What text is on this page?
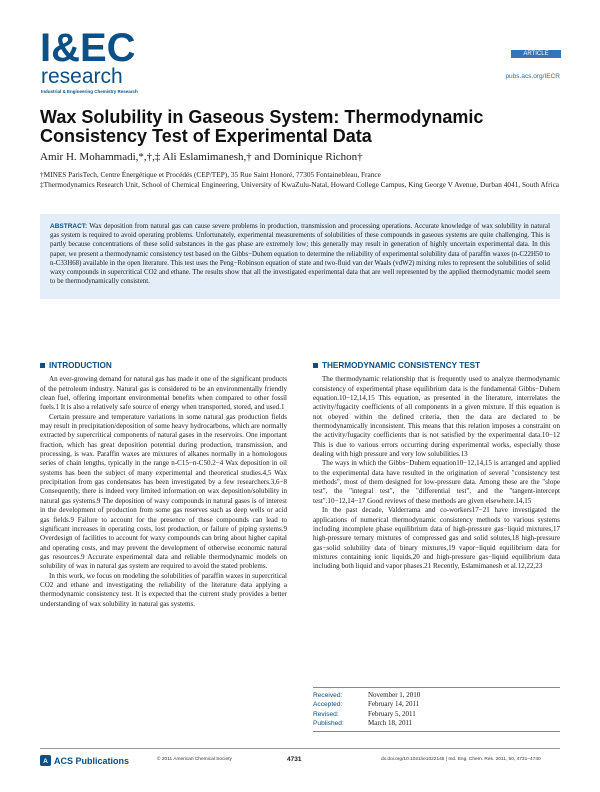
I&EC
research
Industrial & Engineering Chemistry Research
ARTICLE
pubs.acs.org/IECR
Wax Solubility in Gaseous System: Thermodynamic Consistency Test of Experimental Data
Amir H. Mohammadi,*,†,‡ Ali Eslamimanesh,† and Dominique Richon†
†MINES ParisTech, Centre Énergétique et Procédés (CEP/TEP), 35 Rue Saint Honoré, 77305 Fontainebleau, France
‡Thermodynamics Research Unit, School of Chemical Engineering, University of KwaZulu-Natal, Howard College Campus, King George V Avenue, Durban 4041, South Africa
ABSTRACT: Wax deposition from natural gas can cause severe problems in production, transmission and processing operations. Accurate knowledge of wax solubility in natural gas system is required to avoid operating problems. Unfortunately, experimental measurements of solubilities of these compounds in gaseous systems are quite challenging. This is partly because concentrations of these solid substances in the gas phase are extremely low; this generally may result in generation of highly uncertain experimental data. In this paper, we present a thermodynamic consistency test based on the Gibbs−Duhem equation to determine the reliability of experimental solubility data of paraffin waxes (n-C22H50 to n-C33H68) available in the open literature. This test uses the Peng−Robinson equation of state and two-fluid van der Waals (vdW2) mixing rules to represent the solubilities of solid waxy compounds in supercritical CO2 and ethane. The results show that all the investigated experimental data that are well represented by the applied thermodynamic model seem to be thermodynamically consistent.
INTRODUCTION

An ever-growing demand for natural gas has made it one of the significant products of the petroleum industry. Natural gas is considered to be an environmentally friendly clean fuel, offering important environmental benefits when compared to other fossil fuels.1 It is also a relatively safe source of energy when transported, stored, and used.1

Certain pressure and temperature variations in some natural gas production fields may result in precipitation/deposition of some heavy hydrocarbons, which are normally extracted by supercritical components of natural gases in the reservoirs. One important fraction, which has great deposition potential during production, transmission, and processing, is wax. Paraffin waxes are mixtures of alkanes normally in a homologous series of chain lengths, typically in the range n-C15−n-C50.2−4 Wax deposition in oil systems has been the subject of many experimental and theoretical studies.4,5 Wax precipitation from gas condensates has been investigated by a few researchers.3,6−8 Consequently, there is indeed very limited information on wax deposition/solubility in natural gas systems.9 The deposition of waxy compounds in natural gases is of interest in the development of production from some gas reserves such as deep wells or acid gas fields.9 Failure to account for the presence of these compounds can lead to significant increases in operating costs, lost production, or failure of piping systems.9 Overdesign of facilities to account for waxy compounds can bring about higher capital and operating costs, and may prevent the development of otherwise economic natural gas resources.9 Accurate experimental data and reliable thermodynamic models on solubility of wax in natural gas system are required to avoid the stated problems.

In this work, we focus on modeling the solubilities of paraffin waxes in supercritical CO2 and ethane and investigating the reliability of the literature data applying a thermodynamic consistency test. It is expected that the current study provides a better understanding of wax solubility in natural gas systems.

THERMODYNAMIC CONSISTENCY TEST

The thermodynamic relationship that is frequently used to analyze thermodynamic consistency of experimental phase equilibrium data is the fundamental Gibbs−Duhem equation.10−12,14,15 This equation, as presented in the literature, interrelates the activity/fugacity coefficients of all components in a given mixture. If this equation is not obeyed within the defined criteria, then the data are declared to be thermodynamically inconsistent. This means that this relation imposes a constraint on the activity/fugacity coefficients that is not satisfied by the experimental data.10−12 This is due to various errors occurring during experimental works, especially those dealing with high pressure and very low solubilities.13

The ways in which the Gibbs−Duhem equation10−12,14,15 is arranged and applied to the experimental data have resulted in the origination of several "consistency test methods", most of them designed for low-pressure data. Among these are the "slope test", the "integral test", the "differential test", and the "tangent-intercept test".10−12,14−17 Good reviews of these methods are given elsewhere.14,15

In the past decade, Valderrama and co-workers17−21 have investigated the applications of numerical thermodynamic consistency methods to various systems including incomplete phase equilibrium data of high-pressure gas−liquid mixtures,17 high-pressure ternary mixtures of compressed gas and solid solutes,18 high-pressure gas−solid solubility data of binary mixtures,19 vapor−liquid equilibrium data for mixtures containing ionic liquids,20 and high-pressure gas−liquid equilibrium data including both liquid and vapor phases.21 Recently, Eslamimanesh et al.12,22,23

Received:	November 1, 2010
Accepted:	February 14, 2011
Revised:	February 5, 2011
Published:	March 18, 2011
A ACS Publications	© 2011 American Chemical Society	4731	dx.doi.org/10.1021/ie1022145 | Ind. Eng. Chem. Res. 2011, 50, 4731−4740
